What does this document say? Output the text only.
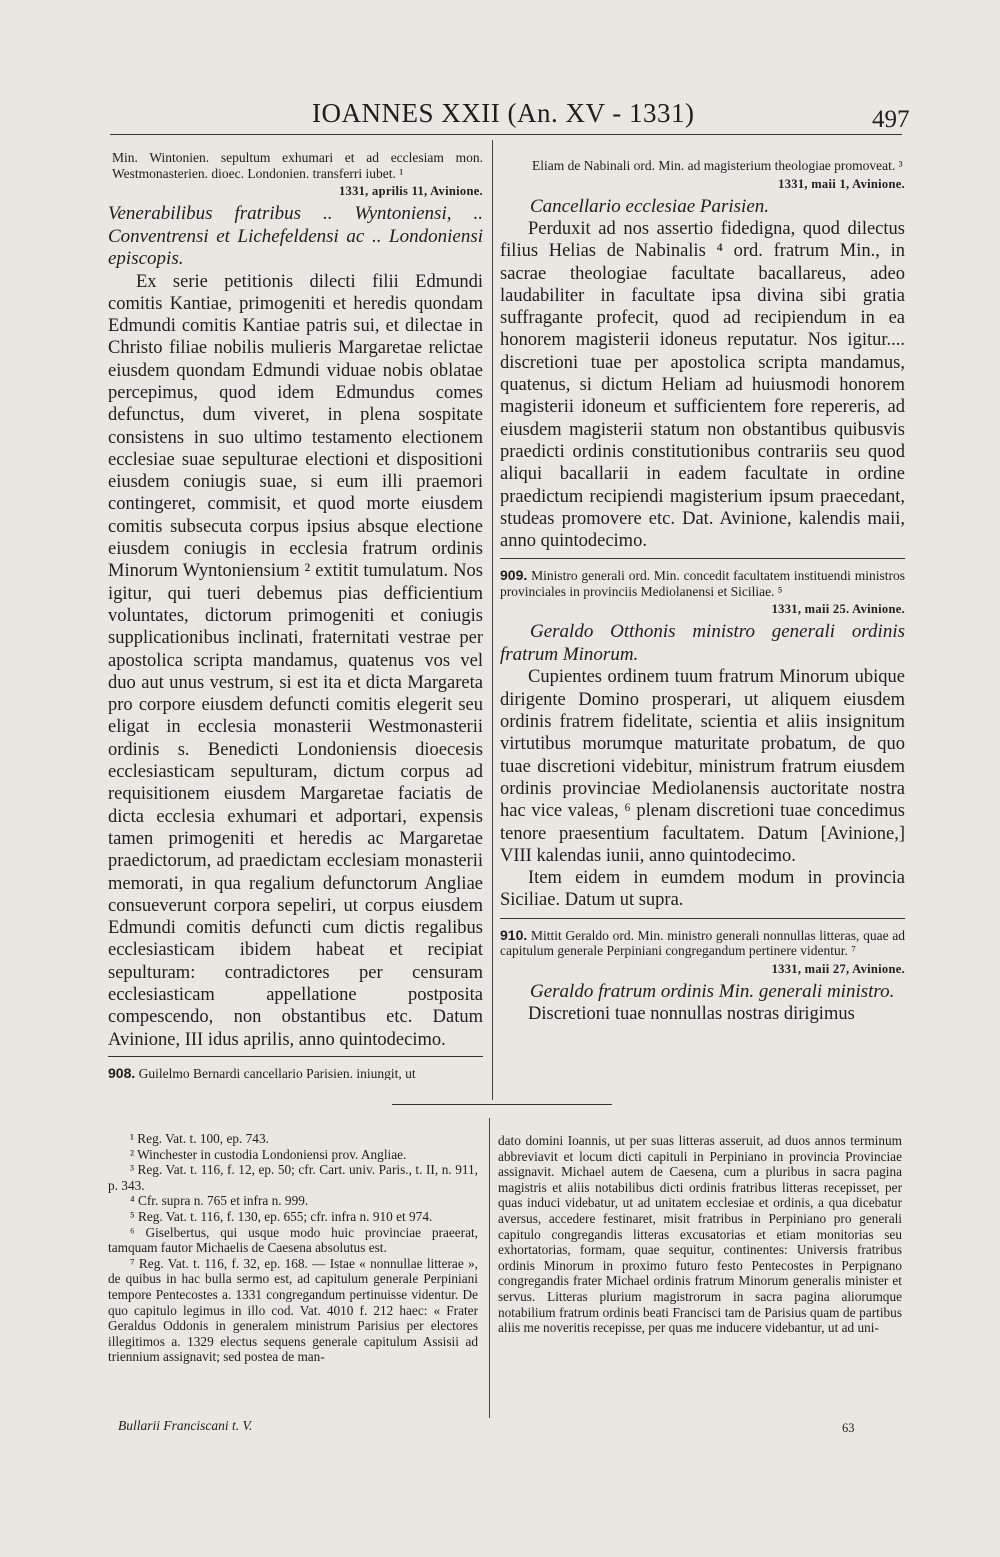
IOANNES XXII (An. XV - 1331)	497

Min. Wintonien. sepultum exhumari et ad ecclesiam mon. Westmonasterien. dioec. Londonien. transferri iubet. ¹

1331, aprilis 11, Avinione.

Venerabilibus fratribus .. Wyntoniensi, .. Conventrensi et Lichefeldensi ac .. Londoniensi episcopis.

Ex serie petitionis dilecti filii Edmundi comitis Kantiae, primogeniti et heredis quondam Edmundi comitis Kantiae patris sui, et dilectae in Christo filiae nobilis mulieris Margaretae relictae eiusdem quondam Edmundi viduae nobis oblatae percepimus, quod idem Edmundus comes defunctus, dum viveret, in plena sospitate consistens in suo ultimo testamento electionem ecclesiae suae sepulturae electioni et dispositioni eiusdem coniugis suae, si eum illi praemori contingeret, commisit, et quod morte eiusdem comitis subsecuta corpus ipsius absque electione eiusdem coniugis in ecclesia fratrum ordinis Minorum Wyntoniensium ² extitit tumulatum. Nos igitur, qui tueri debemus pias defficientium voluntates, dictorum primogeniti et coniugis supplicationibus inclinati, fraternitati vestrae per apostolica scripta mandamus, quatenus vos vel duo aut unus vestrum, si est ita et dicta Margareta pro corpore eiusdem defuncti comitis elegerit seu eligat in ecclesia monasterii Westmonasterii ordinis s. Benedicti Londoniensis dioecesis ecclesiasticam sepulturam, dictum corpus ad requisitionem eiusdem Margaretae faciatis de dicta ecclesia exhumari et adportari, expensis tamen primogeniti et heredis ac Margaretae praedictorum, ad praedictam ecclesiam monasterii memorati, in qua regalium defunctorum Angliae consueverunt corpora sepeliri, ut corpus eiusdem Edmundi comitis defuncti cum dictis regalibus ecclesiasticam ibidem habeat et recipiat sepulturam: contradictores per censuram ecclesiasticam appellatione postposita compescendo, non obstantibus etc. Datum Avinione, III idus aprilis, anno quintodecimo.

908. Guilelmo Bernardi cancellario Parisien. iniungit, ut

Eliam de Nabinali ord. Min. ad magisterium theologiae promoveat. ³

1331, maii 1, Avinione.

Cancellario ecclesiae Parisien.

Perduxit ad nos assertio fidedigna, quod dilectus filius Helias de Nabinalis ⁴ ord. fratrum Min., in sacrae theologiae facultate bacallareus, adeo laudabiliter in facultate ipsa divina sibi gratia suffragante profecit, quod ad recipiendum in ea honorem magisterii idoneus reputatur. Nos igitur.... discretioni tuae per apostolica scripta mandamus, quatenus, si dictum Heliam ad huiusmodi honorem magisterii idoneum et sufficientem fore repereris, ad eiusdem magisterii statum non obstantibus quibusvis praedicti ordinis constitutionibus contrariis seu quod aliqui bacallarii in eadem facultate in ordine praedictum recipiendi magisterium ipsum praecedant, studeas promovere etc. Dat. Avinione, kalendis maii, anno quintodecimo.

909. Ministro generali ord. Min. concedit facultatem instituendi ministros provinciales in provinciis Mediolanensi et Siciliae. ⁵

1331, maii 25. Avinione.

Geraldo Otthonis ministro generali ordinis fratrum Minorum.

Cupientes ordinem tuum fratrum Minorum ubique dirigente Domino prosperari, ut aliquem eiusdem ordinis fratrem fidelitate, scientia et aliis insignitum virtutibus morumque maturitate probatum, de quo tuae discretioni videbitur, ministrum fratrum eiusdem ordinis provinciae Mediolanensis auctoritate nostra hac vice valeas, ⁶ plenam discretioni tuae concedimus tenore praesentium facultatem. Datum [Avinione,] VIII kalendas iunii, anno quintodecimo.

Item eidem in eumdem modum in provincia Siciliae. Datum ut supra.

910. Mittit Geraldo ord. Min. ministro generali nonnullas litteras, quae ad capitulum generale Perpiniani congregandum pertinere videntur. ⁷

1331, maii 27, Avinione.

Geraldo fratrum ordinis Min. generali ministro.

Discretioni tuae nonnullas nostras dirigimus

¹ Reg. Vat. t. 100, ep. 743.

² Winchester in custodia Londoniensi prov. Angliae.

³ Reg. Vat. t. 116, f. 12, ep. 50; cfr. Cart. univ. Paris., t. II, n. 911, p. 343.

⁴ Cfr. supra n. 765 et infra n. 999.

⁵ Reg. Vat. t. 116, f. 130, ep. 655; cfr. infra n. 910 et 974.

⁶ Giselbertus, qui usque modo huic provinciae praeerat, tamquam fautor Michaelis de Caesena absolutus est.

⁷ Reg. Vat. t. 116, f. 32, ep. 168. — Istae « nonnullae litterae », de quibus in hac bulla sermo est, ad capitulum generale Perpiniani tempore Pentecostes a. 1331 congregandum pertinuisse videntur. De quo capitulo legimus in illo cod. Vat. 4010 f. 212 haec: « Frater Geraldus Oddonis in generalem ministrum Parisius per electores illegitimos a. 1329 electus sequens generale capitulum Assisii ad triennium assignavit; sed postea de man-

dato domini Ioannis, ut per suas litteras asseruit, ad duos annos terminum abbreviavit et locum dicti capituli in Perpiniano in provincia Provinciae assignavit. Michael autem de Caesena, cum a pluribus in sacra pagina magistris et aliis notabilibus dicti ordinis fratribus litteras recepisset, per quas induci videbatur, ut ad unitatem ecclesiae et ordinis, a qua dicebatur aversus, accedere festinaret, misit fratribus in Perpiniano pro generali capitulo congregandis litteras excusatorias et etiam monitorias seu exhortatorias, formam, quae sequitur, continentes: Universis fratribus ordinis Minorum in proximo futuro festo Pentecostes in Perpignano congregandis frater Michael ordinis fratrum Minorum generalis minister et servus. Litteras plurium magistrorum in sacra pagina aliorumque notabilium fratrum ordinis beati Francisci tam de Parisius quam de partibus aliis me noveritis recepisse, per quas me inducere videbantur, ut ad uni-

Bullarii Franciscani t. V.	63
